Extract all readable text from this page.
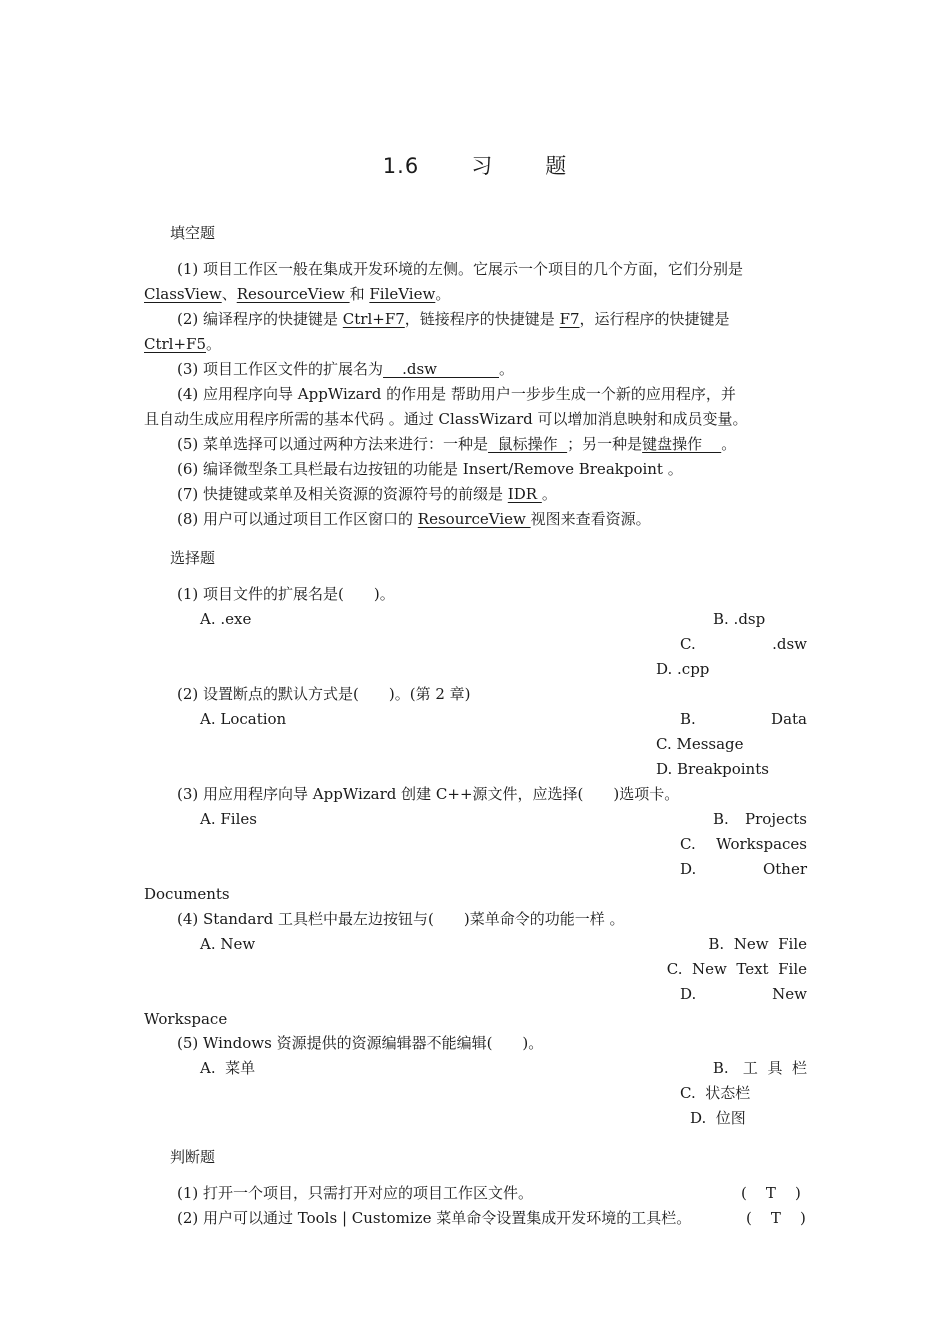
1.6 习 题
填空题
(1) 项目工作区一般在集成开发环境的左侧。它展示一个项目的几个方面，它们分别是
ClassView、ResourceView 和 FileView。
(2) 编译程序的快捷键是 Ctrl+F7，链接程序的快捷键是 F7，运行程序的快捷键是
Ctrl+F5。
(3) 项目工作区文件的扩展名为    .dsw             。
(4) 应用程序向导 AppWizard 的作用是 帮助用户一步步生成一个新的应用程序，并
且自动生成应用程序所需的基本代码 。通过 ClassWizard 可以增加消息映射和成员变量。
(5) 菜单选择可以通过两种方法来进行：一种是  鼠标操作  ；另一种是键盘操作    。
(6) 编译微型条工具栏最右边按钮的功能是 Insert/Remove Breakpoint 。
(7) 快捷键或菜单及相关资源的资源符号的前缀是 IDR 。
(8) 用户可以通过项目工作区窗口的 ResourceView 视图来查看资源。
选择题
(1) 项目文件的扩展名是(　　)。
A. .exe	B. .dsp
C.	.dsw
D. .cpp
(2) 设置断点的默认方式是(　　)。(第 2 章)
A. Location	B.	Data
C. Message
D. Breakpoints
(3) 用应用程序向导 AppWizard 创建 C++源文件，应选择(　　)选项卡。
A. Files	B.	Projects
C.	Workspaces
D.	Other
Documents
(4) Standard 工具栏中最左边按钮与(　　)菜单命令的功能一样 。
A. New	B.  New  File
C.  New  Text  File
D.	New
Workspace
(5) Windows 资源提供的资源编辑器不能编辑(　　)。
A.  菜单	B.   工  具  栏
C.  状态栏
D.  位图
判断题
(1) 打开一个项目，只需打开对应的项目工作区文件。	(    T    )
(2) 用户可以通过 Tools | Customize 菜单命令设置集成开发环境的工具栏。	(    T    )
